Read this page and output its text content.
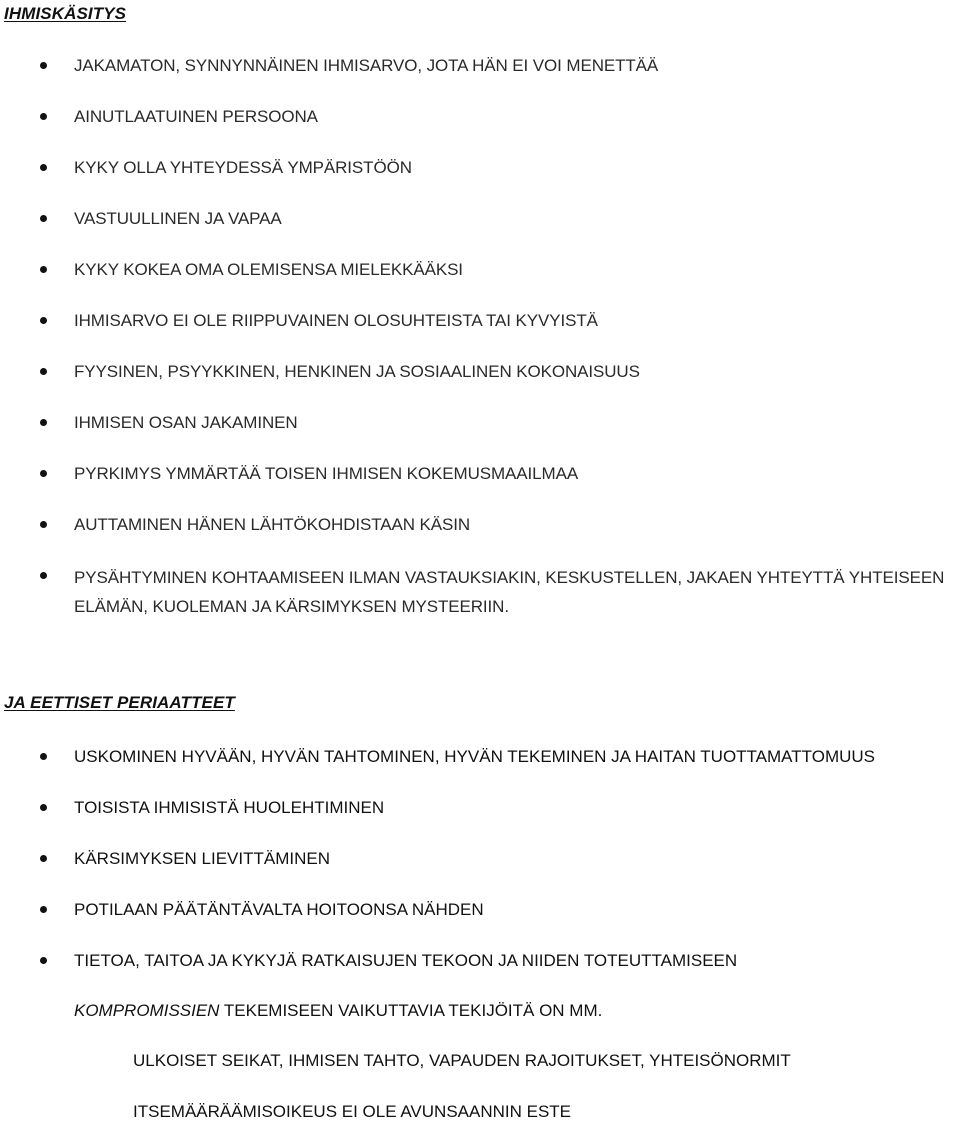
IHMISKÄSITYS

JAKAMATON, SYNNYNNÄINEN IHMISARVO, JOTA HÄN EI VOI MENETTÄÄ

AINUTLAATUINEN PERSOONA

KYKY OLLA YHTEYDESSÄ YMPÄRISTÖÖN

VASTUULLINEN JA VAPAA

KYKY KOKEA OMA OLEMISENSA MIELEKKÄÄKSI

IHMISARVO EI OLE RIIPPUVAINEN OLOSUHTEISTA TAI KYVYISTÄ

FYYSINEN, PSYYKKINEN, HENKINEN JA SOSIAALINEN KOKONAISUUS

IHMISEN OSAN JAKAMINEN

PYRKIMYS YMMÄRTÄÄ TOISEN IHMISEN KOKEMUSMAAILMAA

AUTTAMINEN HÄNEN LÄHTÖKOHDISTAAN KÄSIN

PYSÄHTYMINEN KOHTAAMISEEN ILMAN VASTAUKSIAKIN, KESKUSTELLEN, JAKAEN YHTEYTTÄ YHTEISEEN ELÄMÄN, KUOLEMAN JA KÄRSIMYKSEN MYSTEERIIN.

JA EETTISET PERIAATTEET

USKOMINEN HYVÄÄN, HYVÄN TAHTOMINEN, HYVÄN TEKEMINEN JA HAITAN TUOTTAMATTOMUUS

TOISISTA IHMISISTÄ HUOLEHTIMINEN

KÄRSIMYKSEN LIEVITTÄMINEN

POTILAAN PÄÄTÄNTÄVALTA HOITOONSA NÄHDEN

TIETOA, TAITOA JA KYKYJÄ RATKAISUJEN TEKOON JA NIIDEN TOTEUTTAMISEEN

KOMPROMISSIEN TEKEMISEEN VAIKUTTAVIA TEKIJÖITÄ ON MM.

ULKOISET SEIKAT, IHMISEN TAHTO, VAPAUDEN RAJOITUKSET, YHTEISÖNORMIT

ITSEMÄÄRÄÄMISOIKEUS EI OLE AVUNSAANNIN ESTE
